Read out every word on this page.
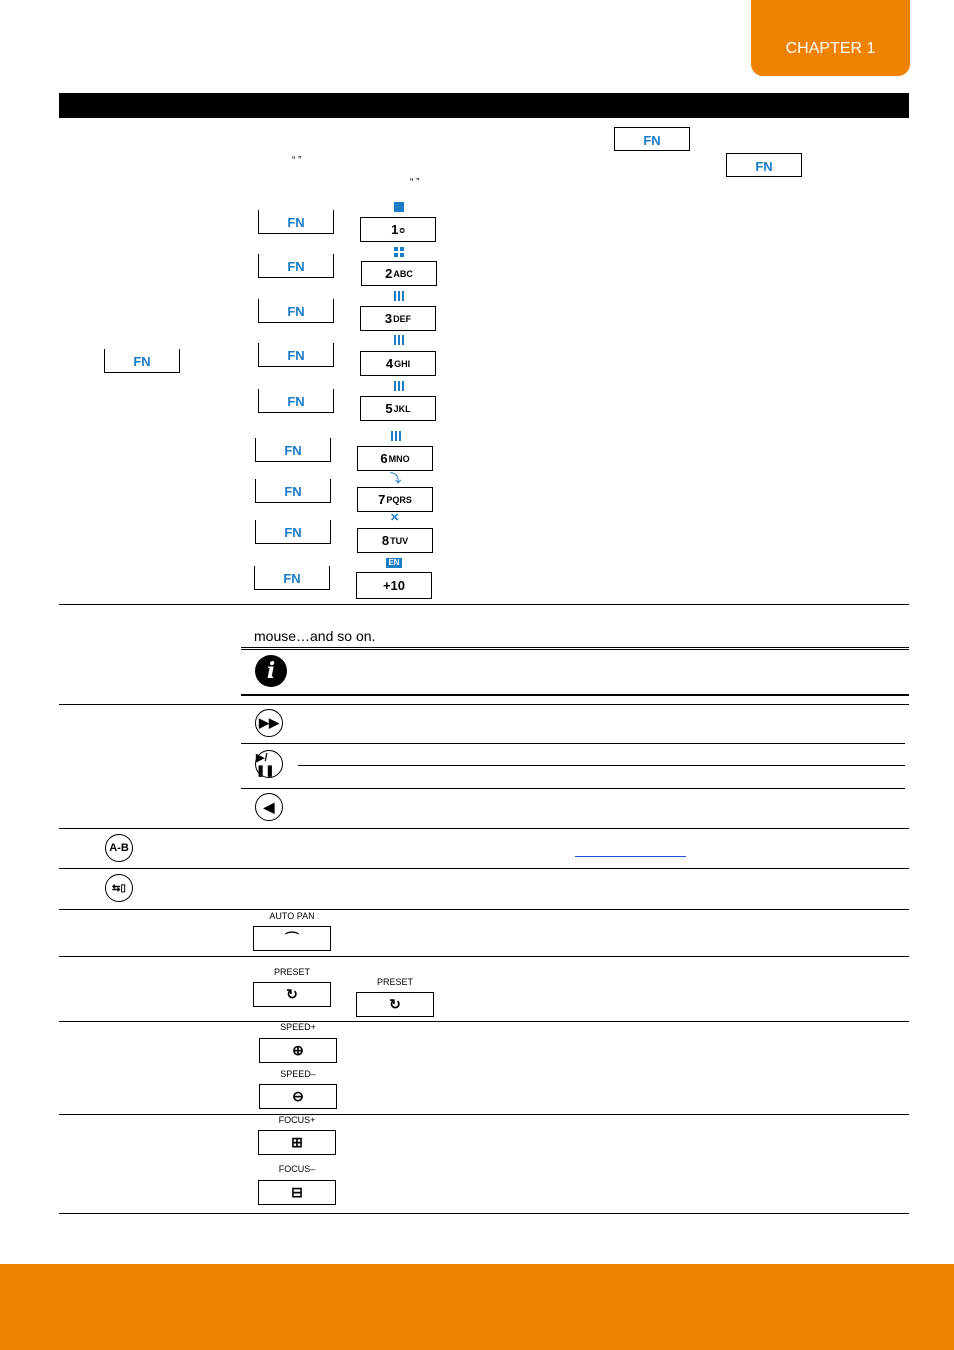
CHAPTER 1
FN
FN
“ ”
“ ”
FN
FN
FN
FN
FN
FN
FN
FN
FN
FN
1 ᴑ
2 ABC
3 DEF
4 GHI
5 JKL
6 MNO
⤵
7 PQRS
✕
8 TUV
EN
+10
mouse…and so on.
i
▶▶
▶/❚❚
◀
A-B
⇆▯
AUTO PAN
⌒
PRESET
↻
PRESET
↻
SPEED+
⊕
SPEED–
⊖
FOCUS+
⊞
FOCUS–
⊟
